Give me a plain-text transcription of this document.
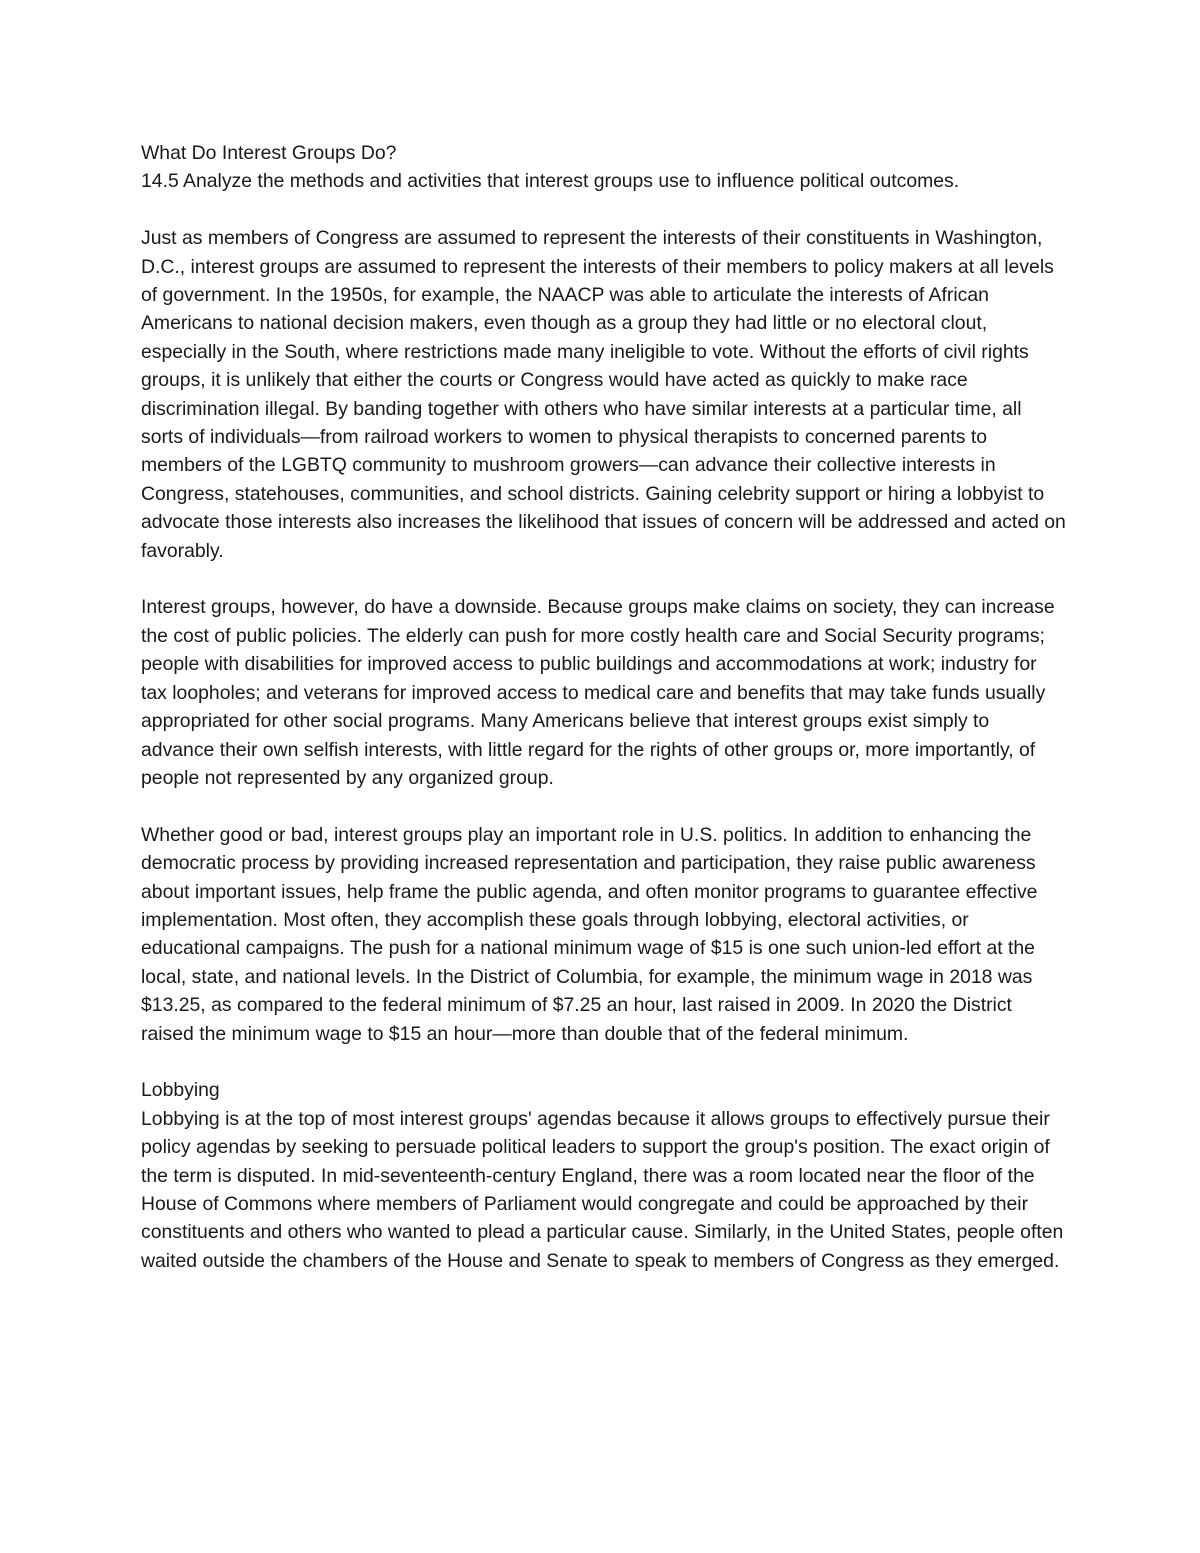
What Do Interest Groups Do?

14.5 Analyze the methods and activities that interest groups use to influence political outcomes.

Just as members of Congress are assumed to represent the interests of their constituents in Washington, D.C., interest groups are assumed to represent the interests of their members to policy makers at all levels of government. In the 1950s, for example, the NAACP was able to articulate the interests of African Americans to national decision makers, even though as a group they had little or no electoral clout, especially in the South, where restrictions made many ineligible to vote. Without the efforts of civil rights groups, it is unlikely that either the courts or Congress would have acted as quickly to make race discrimination illegal. By banding together with others who have similar interests at a particular time, all sorts of individuals—from railroad workers to women to physical therapists to concerned parents to members of the LGBTQ community to mushroom growers—can advance their collective interests in Congress, statehouses, communities, and school districts. Gaining celebrity support or hiring a lobbyist to advocate those interests also increases the likelihood that issues of concern will be addressed and acted on favorably.

Interest groups, however, do have a downside. Because groups make claims on society, they can increase the cost of public policies. The elderly can push for more costly health care and Social Security programs; people with disabilities for improved access to public buildings and accommodations at work; industry for tax loopholes; and veterans for improved access to medical care and benefits that may take funds usually appropriated for other social programs. Many Americans believe that interest groups exist simply to advance their own selfish interests, with little regard for the rights of other groups or, more importantly, of people not represented by any organized group.

Whether good or bad, interest groups play an important role in U.S. politics. In addition to enhancing the democratic process by providing increased representation and participation, they raise public awareness about important issues, help frame the public agenda, and often monitor programs to guarantee effective implementation. Most often, they accomplish these goals through lobbying, electoral activities, or educational campaigns. The push for a national minimum wage of $15 is one such union-led effort at the local, state, and national levels. In the District of Columbia, for example, the minimum wage in 2018 was $13.25, as compared to the federal minimum of $7.25 an hour, last raised in 2009. In 2020 the District raised the minimum wage to $15 an hour—more than double that of the federal minimum.

Lobbying

Lobbying is at the top of most interest groups' agendas because it allows groups to effectively pursue their policy agendas by seeking to persuade political leaders to support the group's position. The exact origin of the term is disputed. In mid-seventeenth-century England, there was a room located near the floor of the House of Commons where members of Parliament would congregate and could be approached by their constituents and others who wanted to plead a particular cause. Similarly, in the United States, people often waited outside the chambers of the House and Senate to speak to members of Congress as they emerged.
